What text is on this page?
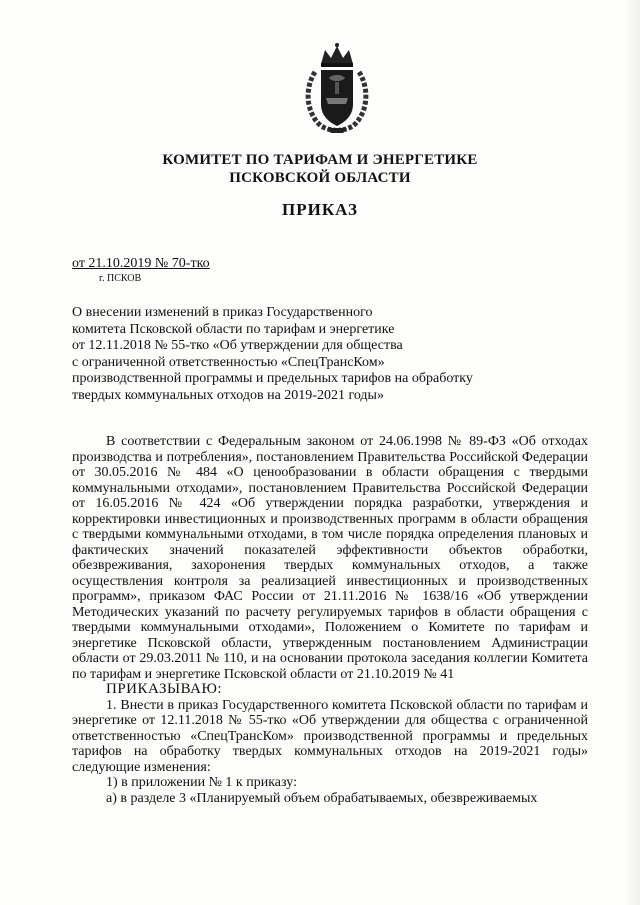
КОМИТЕТ ПО ТАРИФАМ И ЭНЕРГЕТИКЕ
ПСКОВСКОЙ ОБЛАСТИ
ПРИКАЗ
от 21.10.2019 № 70-тко
г. ПСКОВ
О внесении изменений в приказ Государственного
комитета Псковской области по тарифам и энергетике
от 12.11.2018 № 55-тко «Об утверждении для общества
с ограниченной ответственностью «СпецТрансКом»
производственной программы и предельных тарифов на обработку
твердых коммунальных отходов на 2019-2021 годы»

В соответствии с Федеральным законом от 24.06.1998 № 89-ФЗ «Об отходах производства и потребления», постановлением Правительства Российской Федерации от 30.05.2016 № 484 «О ценообразовании в области обращения с твердыми коммунальными отходами», постановлением Правительства Российской Федерации от 16.05.2016 № 424 «Об утверждении порядка разработки, утверждения и корректировки инвестиционных и производственных программ в области обращения с твердыми коммунальными отходами, в том числе порядка определения плановых и фактических значений показателей эффективности объектов обработки, обезвреживания, захоронения твердых коммунальных отходов, а также осуществления контроля за реализацией инвестиционных и производственных программ», приказом ФАС России от 21.11.2016 № 1638/16 «Об утверждении Методических указаний по расчету регулируемых тарифов в области обращения с твердыми коммунальными отходами», Положением о Комитете по тарифам и энергетике Псковской области, утвержденным постановлением Администрации области от 29.03.2011 № 110, и на основании протокола заседания коллегии Комитета по тарифам и энергетике Псковской области от 21.10.2019 № 41

ПРИКАЗЫВАЮ:

1. Внести в приказ Государственного комитета Псковской области по тарифам и энергетике от 12.11.2018 № 55-тко «Об утверждении для общества с ограниченной ответственностью «СпецТрансКом» производственной программы и предельных тарифов на обработку твердых коммунальных отходов на 2019-2021 годы» следующие изменения:

1) в приложении № 1 к приказу:

а) в разделе 3 «Планируемый объем обрабатываемых, обезвреживаемых
